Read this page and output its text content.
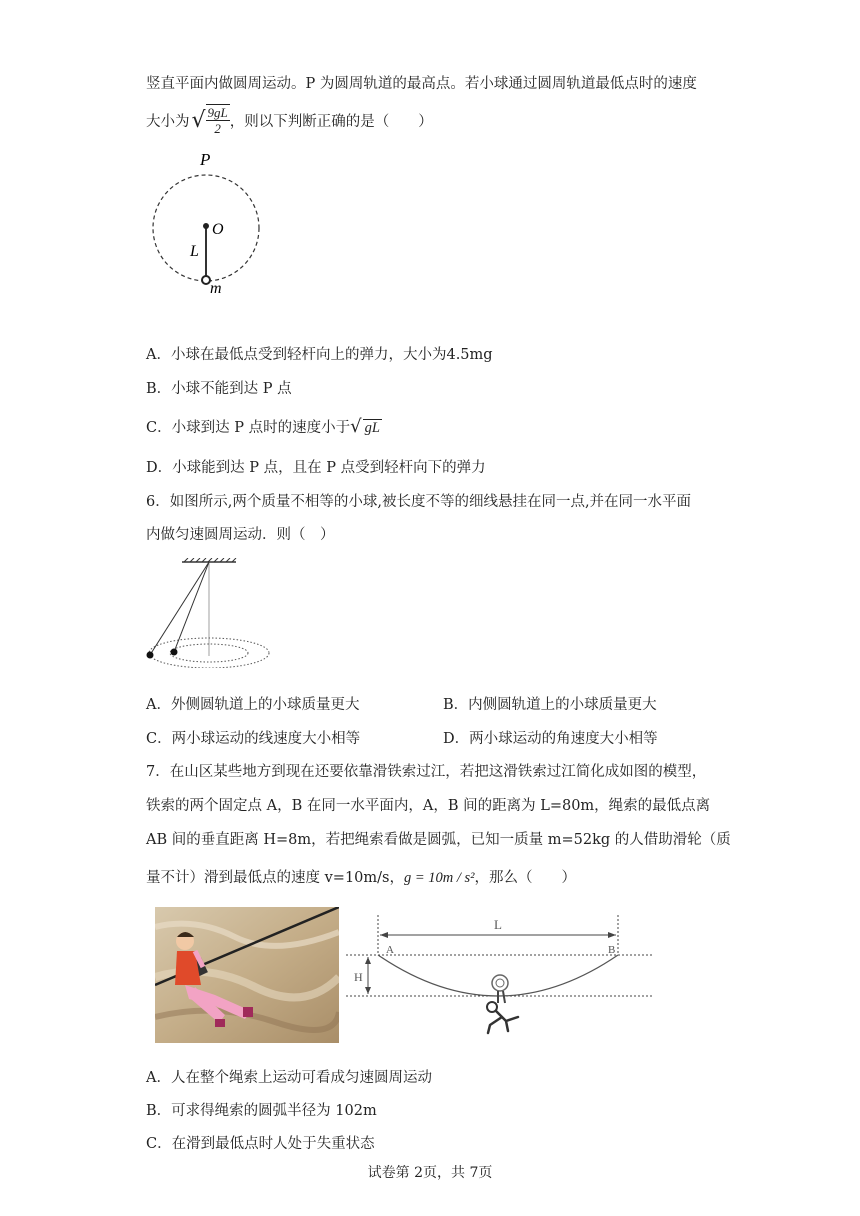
竖直平面内做圆周运动。P 为圆周轨道的最高点。若小球通过圆周轨道最低点时的速度
大小为 √ $\frac{9gL}{2}$ ，则以下判断正确的是（　　）
P
O
L
m
A．小球在最低点受到轻杆向上的弹力，大小为4.5mg
B．小球不能到达 P 点
C．小球到达 P 点时的速度小于√ gL
D．小球能到达 P 点，且在 P 点受到轻杆向下的弹力
6．如图所示,两个质量不相等的小球,被长度不等的细线悬挂在同一点,并在同一水平面
内做匀速圆周运动．则（　）
A．外侧圆轨道上的小球质量更大	B．内侧圆轨道上的小球质量更大
C．两小球运动的线速度大小相等	D．两小球运动的角速度大小相等
7．在山区某些地方到现在还要依靠滑铁索过江，若把这滑铁索过江简化成如图的模型，
铁索的两个固定点 A，B 在同一水平面内，A，B 间的距离为 L=80m，绳索的最低点离
AB 间的垂直距离 H=8m，若把绳索看做是圆弧，已知一质量 m=52kg 的人借助滑轮（质
量不计）滑到最低点的速度 v=10m/s，g = 10m / s²，那么（　　）
L
A	B
H
A．人在整个绳索上运动可看成匀速圆周运动
B．可求得绳索的圆弧半径为 102m
C．在滑到最低点时人处于失重状态
试卷第 2页，共 7页
